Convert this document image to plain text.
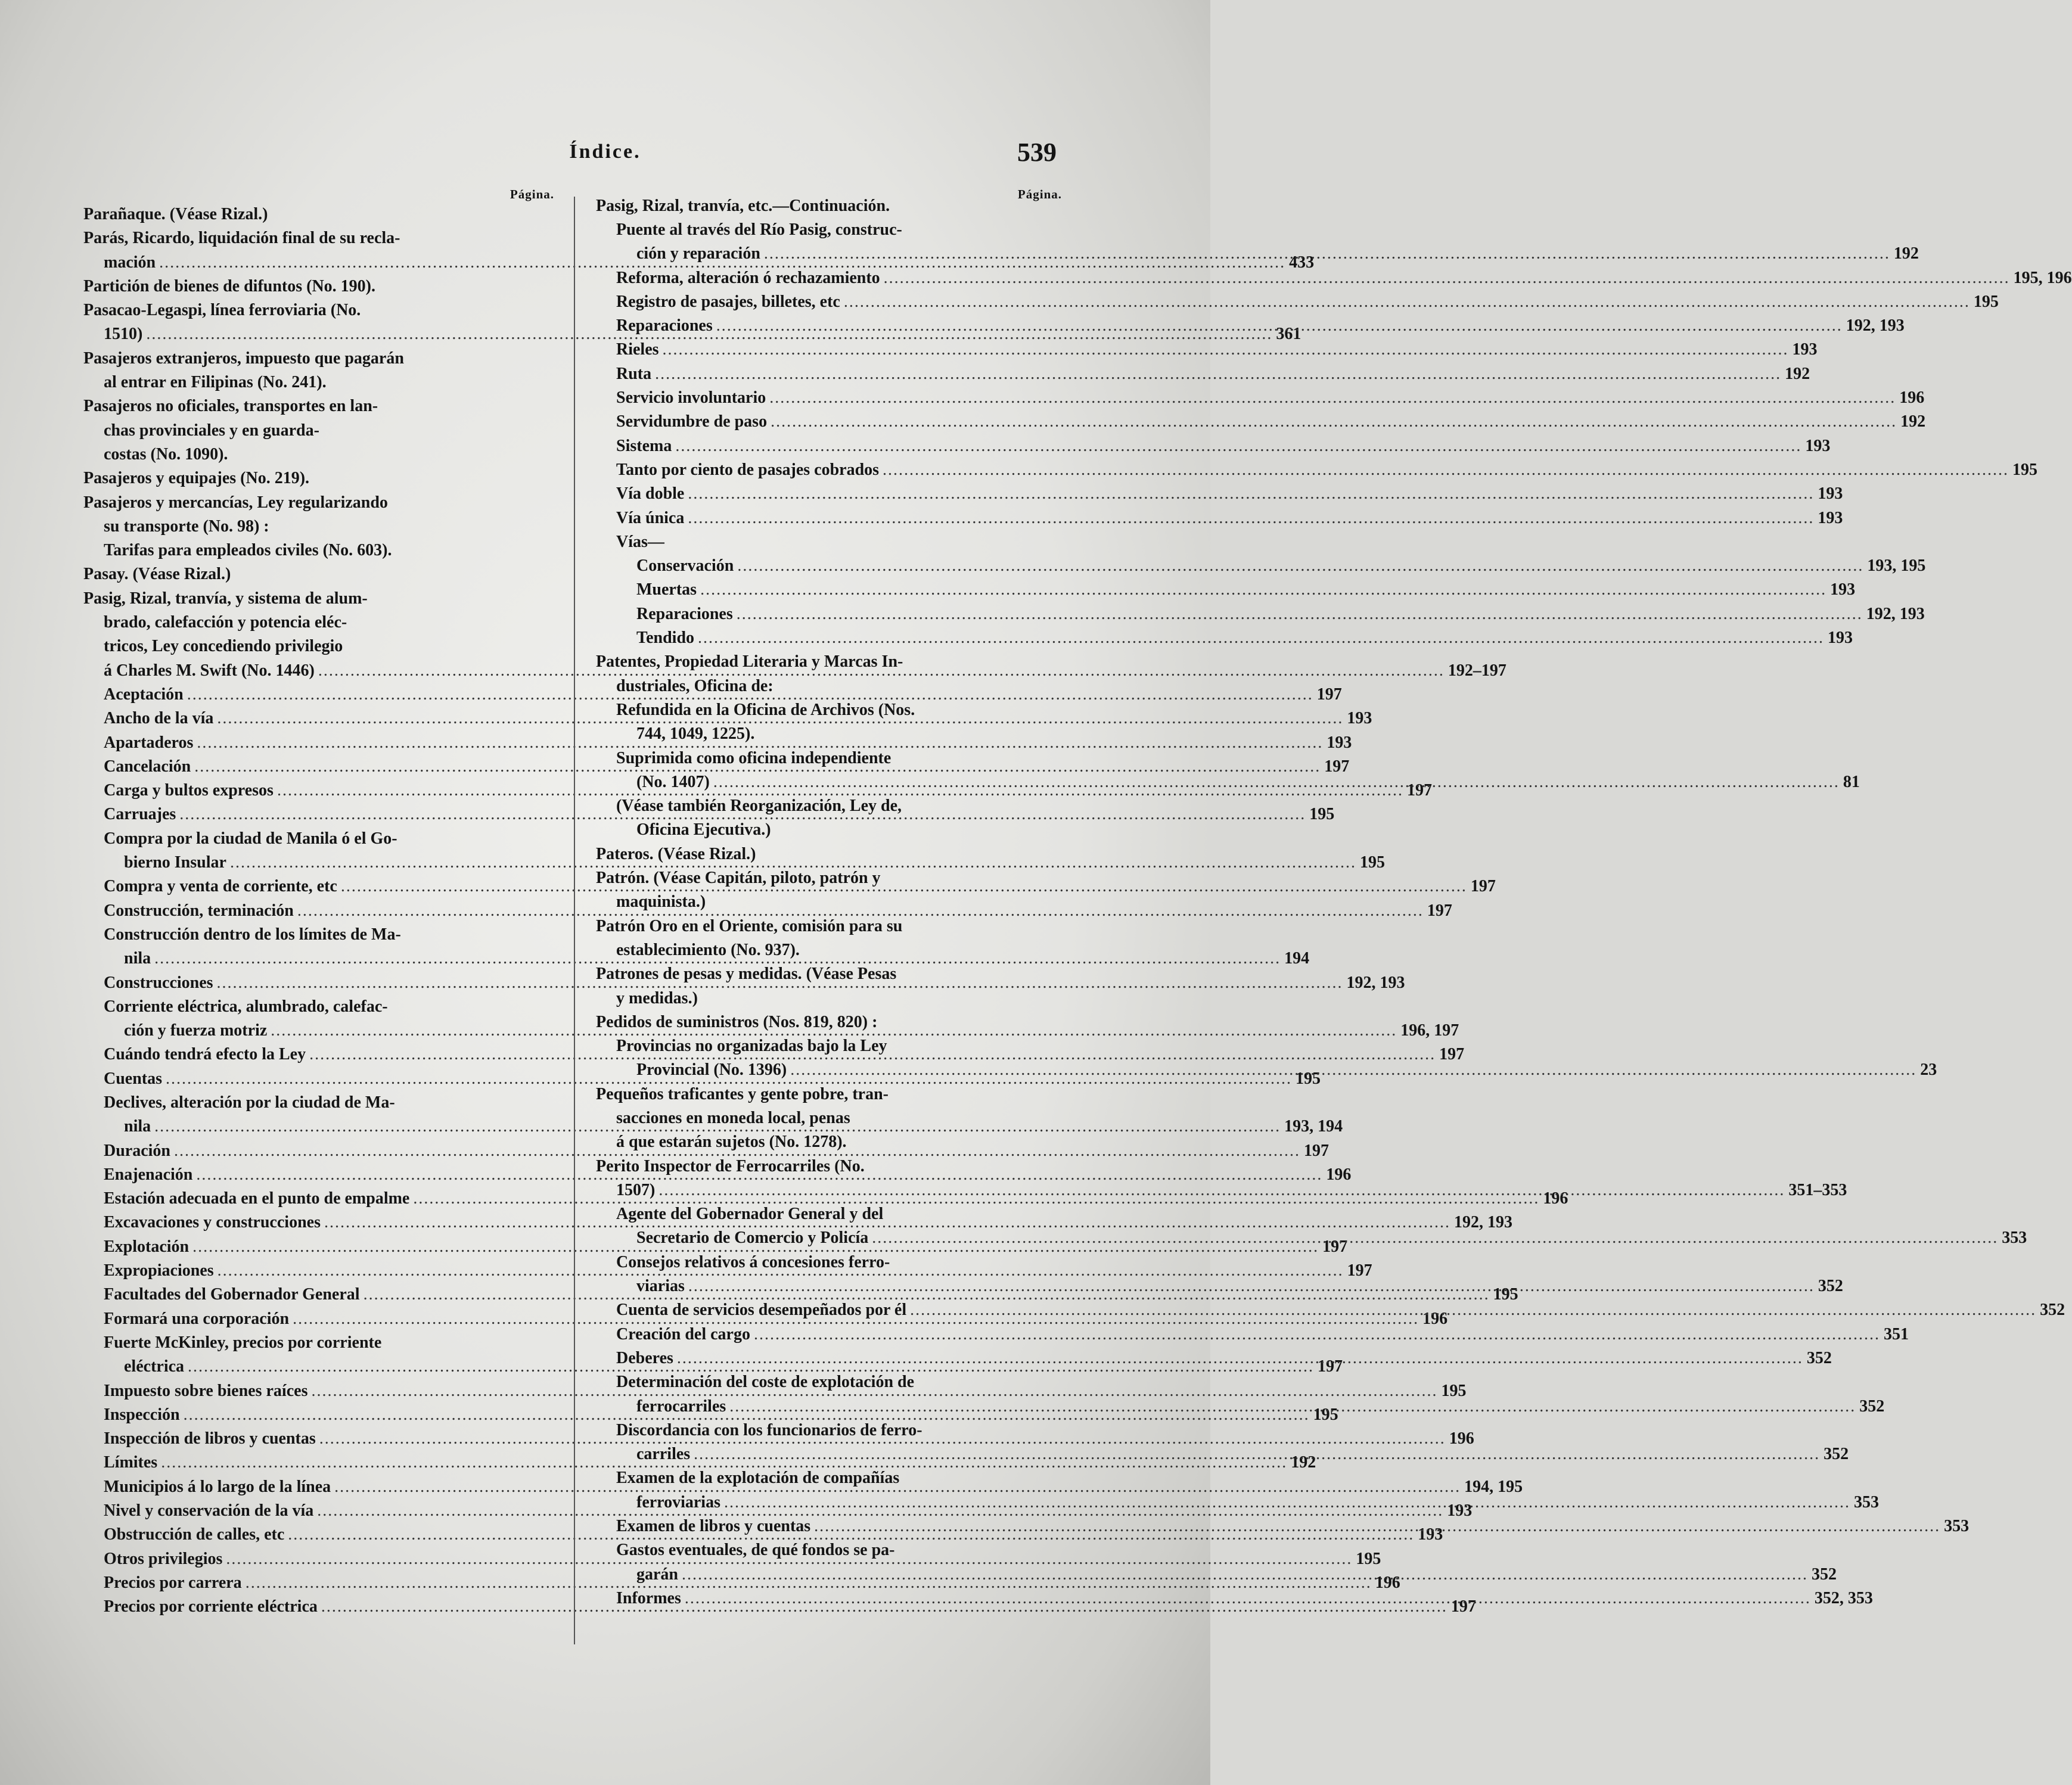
Índice.	539
Página.
Parañaque. (Véase Rizal.)
Parás, Ricardo, liquidación final de su recla-
mación .....	433
Partición de bienes de difuntos (No. 190).
Pasacao-Legaspi, línea ferroviaria (No.
1510) .....	361
Pasajeros extranjeros, impuesto que pagarán
al entrar en Filipinas (No. 241).
Pasajeros no oficiales, transportes en lan-
chas provinciales y en guarda-
costas (No. 1090).
Pasajeros y equipajes (No. 219).
Pasajeros y mercancías, Ley regularizando
su transporte (No. 98) :
Tarifas para empleados civiles (No. 603).
Pasay. (Véase Rizal.)
Pasig, Rizal, tranvía, y sistema de alum-
brado, calefacción y potencia eléc-
tricos, Ley concediendo privilegio
á Charles M. Swift (No. 1446) .....	192–197
Aceptación .....	197
Ancho de la vía .....	193
Apartaderos .....	193
Cancelación .....	197
Carga y bultos expresos .....	197
Carruajes .....	195
Compra por la ciudad de Manila ó el Go-
bierno Insular .....	195
Compra y venta de corriente, etc .....	197
Construcción, terminación .....	197
Construcción dentro de los límites de Ma-
nila .....	194
Construcciones .....	192, 193
Corriente eléctrica, alumbrado, calefac-
ción y fuerza motriz .....	196, 197
Cuándo tendrá efecto la Ley .....	197
Cuentas .....	195
Declives, alteración por la ciudad de Ma-
nila .....	193, 194
Duración .....	197
Enajenación .....	196
Estación adecuada en el punto de empalme .....	196
Excavaciones y construcciones .....	192, 193
Explotación .....	197
Expropiaciones .....	197
Facultades del Gobernador General .....	195
Formará una corporación .....	196
Fuerte McKinley, precios por corriente
eléctrica .....	197
Impuesto sobre bienes raíces .....	195
Inspección .....	195
Inspección de libros y cuentas .....	196
Límites .....	192
Municipios á lo largo de la línea .....	194, 195
Nivel y conservación de la vía .....	193
Obstrucción de calles, etc .....	193
Otros privilegios .....	195
Precios por carrera .....	196
Precios por corriente eléctrica .....	197
Página.
Pasig, Rizal, tranvía, etc.—Continuación.
Puente al través del Río Pasig, construc-
ción y reparación .....	192
Reforma, alteración ó rechazamiento .....	195, 196
Registro de pasajes, billetes, etc .....	195
Reparaciones .....	192, 193
Rieles .....	193
Ruta .....	192
Servicio involuntario .....	196
Servidumbre de paso .....	192
Sistema .....	193
Tanto por ciento de pasajes cobrados .....	195
Vía doble .....	193
Vía única .....	193
Vías—
Conservación .....	193, 195
Muertas .....	193
Reparaciones .....	192, 193
Tendido .....	193
Patentes, Propiedad Literaria y Marcas In-
dustriales, Oficina de:
Refundida en la Oficina de Archivos (Nos.
744, 1049, 1225).
Suprimida como oficina independiente
(No. 1407) .....	81
(Véase también Reorganización, Ley de,
Oficina Ejecutiva.)
Pateros. (Véase Rizal.)
Patrón. (Véase Capitán, piloto, patrón y
maquinista.)
Patrón Oro en el Oriente, comisión para su
establecimiento (No. 937).
Patrones de pesas y medidas. (Véase Pesas
y medidas.)
Pedidos de suministros (Nos. 819, 820) :
Provincias no organizadas bajo la Ley
Provincial (No. 1396) .....	23
Pequeños traficantes y gente pobre, tran-
sacciones en moneda local, penas
á que estarán sujetos (No. 1278).
Perito Inspector de Ferrocarriles (No.
1507) .....	351–353
Agente del Gobernador General y del
Secretario de Comercio y Policía .....	353
Consejos relativos á concesiones ferro-
viarias .....	352
Cuenta de servicios desempeñados por él .....	352
Creación del cargo .....	351
Deberes .....	352
Determinación del coste de explotación de
ferrocarriles .....	352
Discordancia con los funcionarios de ferro-
carriles .....	352
Examen de la explotación de compañías
ferroviarias .....	353
Examen de libros y cuentas .....	353
Gastos eventuales, de qué fondos se pa-
garán .....	352
Informes .....	352, 353
